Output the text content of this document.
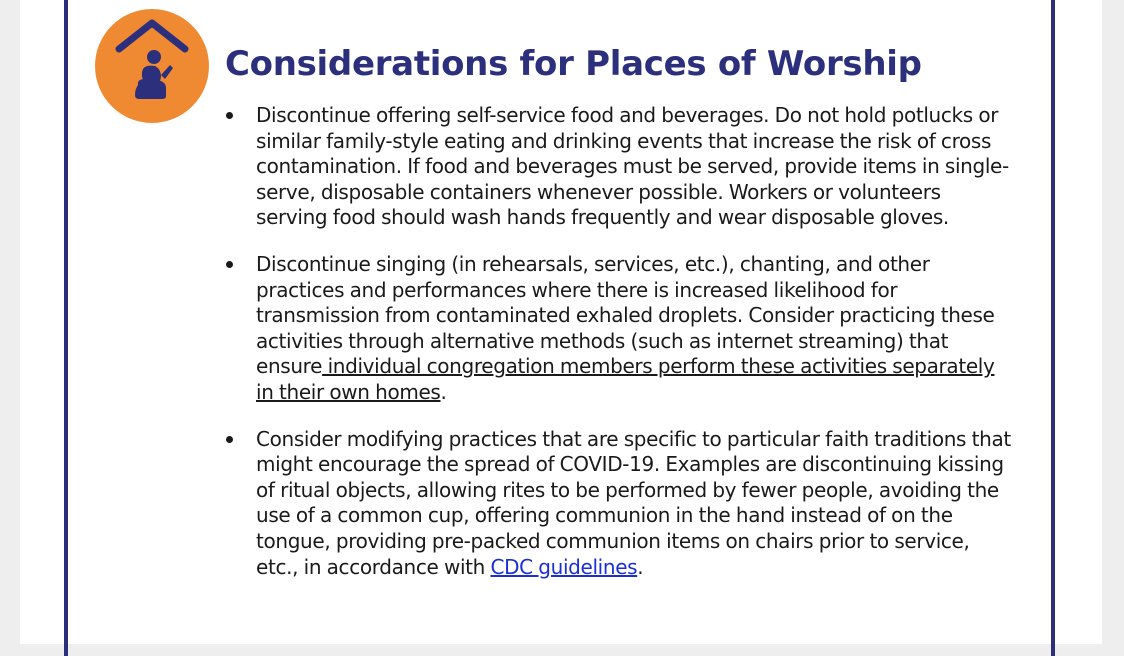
Considerations for Places of Worship
Discontinue offering self-service food and beverages. Do not hold potlucks or similar family-style eating and drinking events that increase the risk of cross contamination. If food and beverages must be served, provide items in single-serve, disposable containers whenever possible. Workers or volunteers serving food should wash hands frequently and wear disposable gloves.
Discontinue singing (in rehearsals, services, etc.), chanting, and other practices and performances where there is increased likelihood for transmission from contaminated exhaled droplets. Consider practicing these activities through alternative methods (such as internet streaming) that ensure individual congregation members perform these activities separately in their own homes.
Consider modifying practices that are specific to particular faith traditions that might encourage the spread of COVID-19. Examples are discontinuing kissing of ritual objects, allowing rites to be performed by fewer people, avoiding the use of a common cup, offering communion in the hand instead of on the tongue, providing pre-packed communion items on chairs prior to service, etc., in accordance with CDC guidelines.
